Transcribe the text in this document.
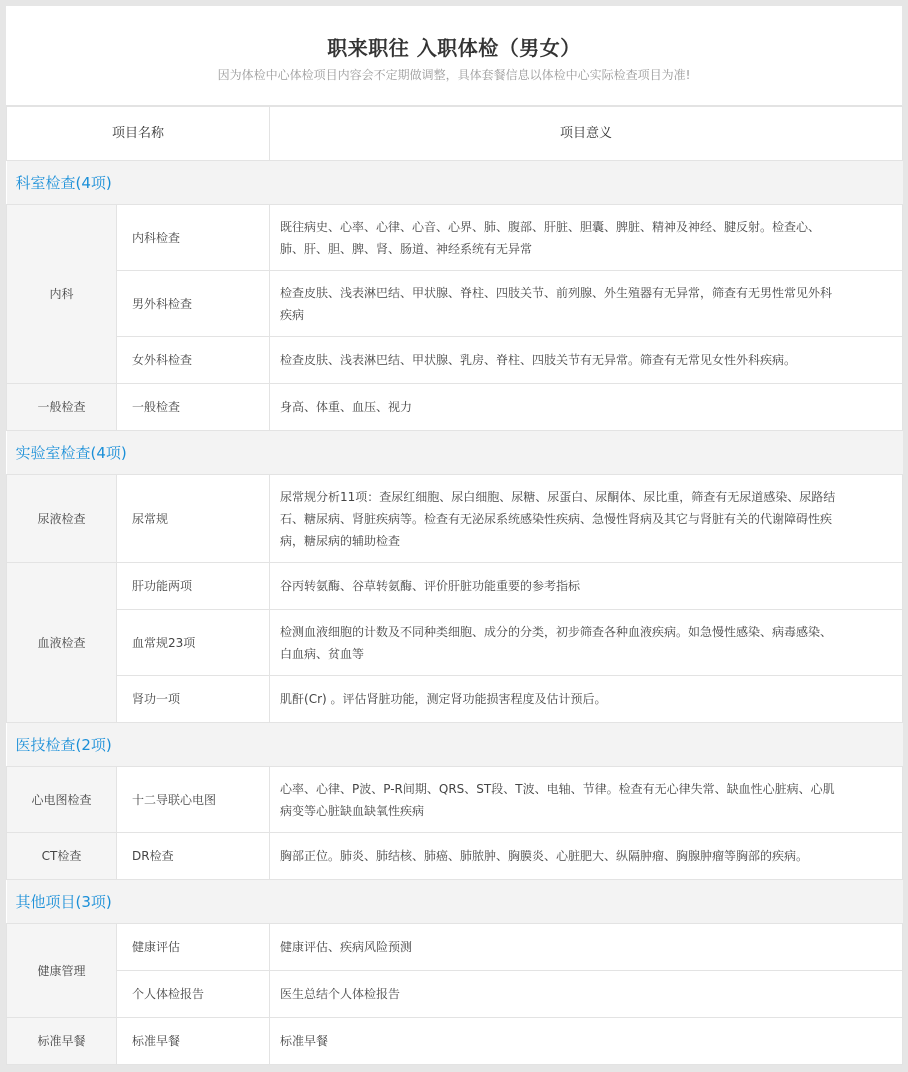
职来职往 入职体检（男女）
因为体检中心体检项目内容会不定期做调整，具体套餐信息以体检中心实际检查项目为准!
项目名称		项目意义
科室检查(4项)		
内科	内科检查	既往病史、心率、心律、心音、心界、肺、腹部、肝脏、胆囊、脾脏、精神及神经、腱反射。检查心、肺、肝、胆、脾、肾、肠道、神经系统有无异常
	男外科检查	检查皮肤、浅表淋巴结、甲状腺、脊柱、四肢关节、前列腺、外生殖器有无异常，筛查有无男性常见外科疾病
	女外科检查	检查皮肤、浅表淋巴结、甲状腺、乳房、脊柱、四肢关节有无异常。筛查有无常见女性外科疾病。
一般检查	一般检查	身高、体重、血压、视力
实验室检查(4项)		
尿液检查	尿常规	尿常规分析11项：查尿红细胞、尿白细胞、尿糖、尿蛋白、尿酮体、尿比重，筛查有无尿道感染、尿路结石、糖尿病、肾脏疾病等。检查有无泌尿系统感染性疾病、急慢性肾病及其它与肾脏有关的代谢障碍性疾病，糖尿病的辅助检查
血液检查	肝功能两项	谷丙转氨酶、谷草转氨酶、评价肝脏功能重要的参考指标
	血常规23项	检测血液细胞的计数及不同种类细胞、成分的分类，初步筛查各种血液疾病。如急慢性感染、病毒感染、白血病、贫血等
	肾功一项	肌酐(Cr) 。评估肾脏功能，测定肾功能损害程度及估计预后。
医技检查(2项)		
心电图检查	十二导联心电图	心率、心律、P波、P-R间期、QRS、ST段、T波、电轴、节律。检查有无心律失常、缺血性心脏病、心肌病变等心脏缺血缺氧性疾病
CT检查	DR检查	胸部正位。肺炎、肺结核、肺癌、肺脓肿、胸膜炎、心脏肥大、纵隔肿瘤、胸腺肿瘤等胸部的疾病。
其他项目(3项)		
健康管理	健康评估	健康评估、疾病风险预测
	个人体检报告	医生总结个人体检报告
标准早餐	标准早餐	标准早餐
